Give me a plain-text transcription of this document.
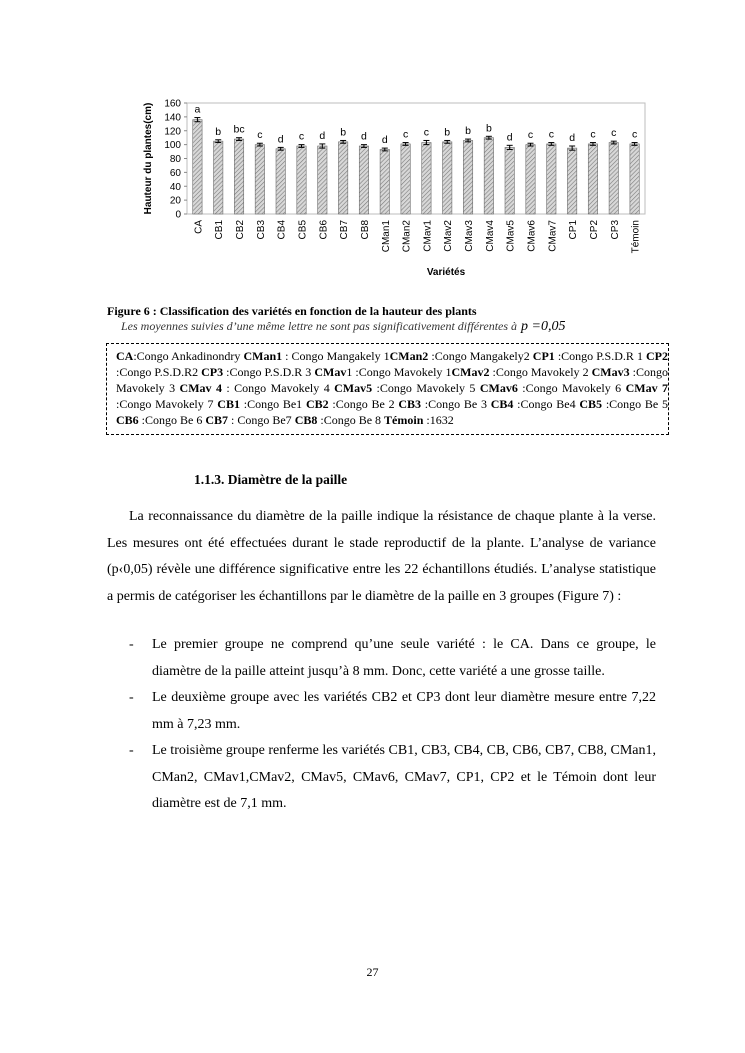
0
20
40
60
80
100
120
140
160
Hauteur du plantes(cm)	a
CA
b
CB1
bc
CB2
c
CB3
d
CB4
c
CB5
d
CB6
b
CB7
d
CB8
d
CMan1
c
CMan2
c
CMav1
b
CMav2
b
CMav3
b
CMav4
d
CMav5
c
CMav6
c
CMav7
d
CP1
c
CP2
c
CP3
c
Témoin
Variétés
Figure 6 : Classification des variétés en fonction de la hauteur des plants
Les moyennes suivies d’une même lettre ne sont pas significativement différentes à p =0,05
CA:Congo Ankadinondry CMan1 : Congo Mangakely 1CMan2 :Congo Mangakely2 CP1 :Congo P.S.D.R 1 CP2 :Congo P.S.D.R2 CP3 :Congo P.S.D.R 3 CMav1 :Congo Mavokely 1CMav2 :Congo Mavokely 2 CMav3 :Congo Mavokely 3 CMav 4 : Congo Mavokely 4 CMav5 :Congo Mavokely 5 CMav6 :Congo Mavokely 6 CMav 7 :Congo Mavokely 7 CB1 :Congo Be1 CB2 :Congo Be 2 CB3 :Congo Be 3 CB4 :Congo Be4 CB5 :Congo Be 5 CB6 :Congo Be 6 CB7 : Congo Be7 CB8 :Congo Be 8 Témoin :1632
1.1.3. Diamètre de la paille

La reconnaissance du diamètre de la paille indique la résistance de chaque plante à la verse. Les mesures ont été effectuées durant le stade reproductif de la plante. L’analyse de variance (p‹0,05) révèle une différence significative entre les 22 échantillons étudiés. L’analyse statistique a permis de catégoriser les échantillons par le diamètre de la paille en 3 groupes (Figure 7) :

- Le premier groupe ne comprend qu’une seule variété : le CA. Dans ce groupe, le diamètre de la paille atteint jusqu’à 8 mm. Donc, cette variété a une grosse taille.
- Le deuxième groupe avec les variétés CB2 et CP3 dont leur diamètre mesure entre 7,22 mm à 7,23 mm.
- Le troisième groupe renferme les variétés CB1, CB3, CB4, CB, CB6, CB7, CB8, CMan1, CMan2, CMav1,CMav2, CMav5, CMav6, CMav7, CP1, CP2 et le Témoin dont leur diamètre est de 7,1 mm.
27
